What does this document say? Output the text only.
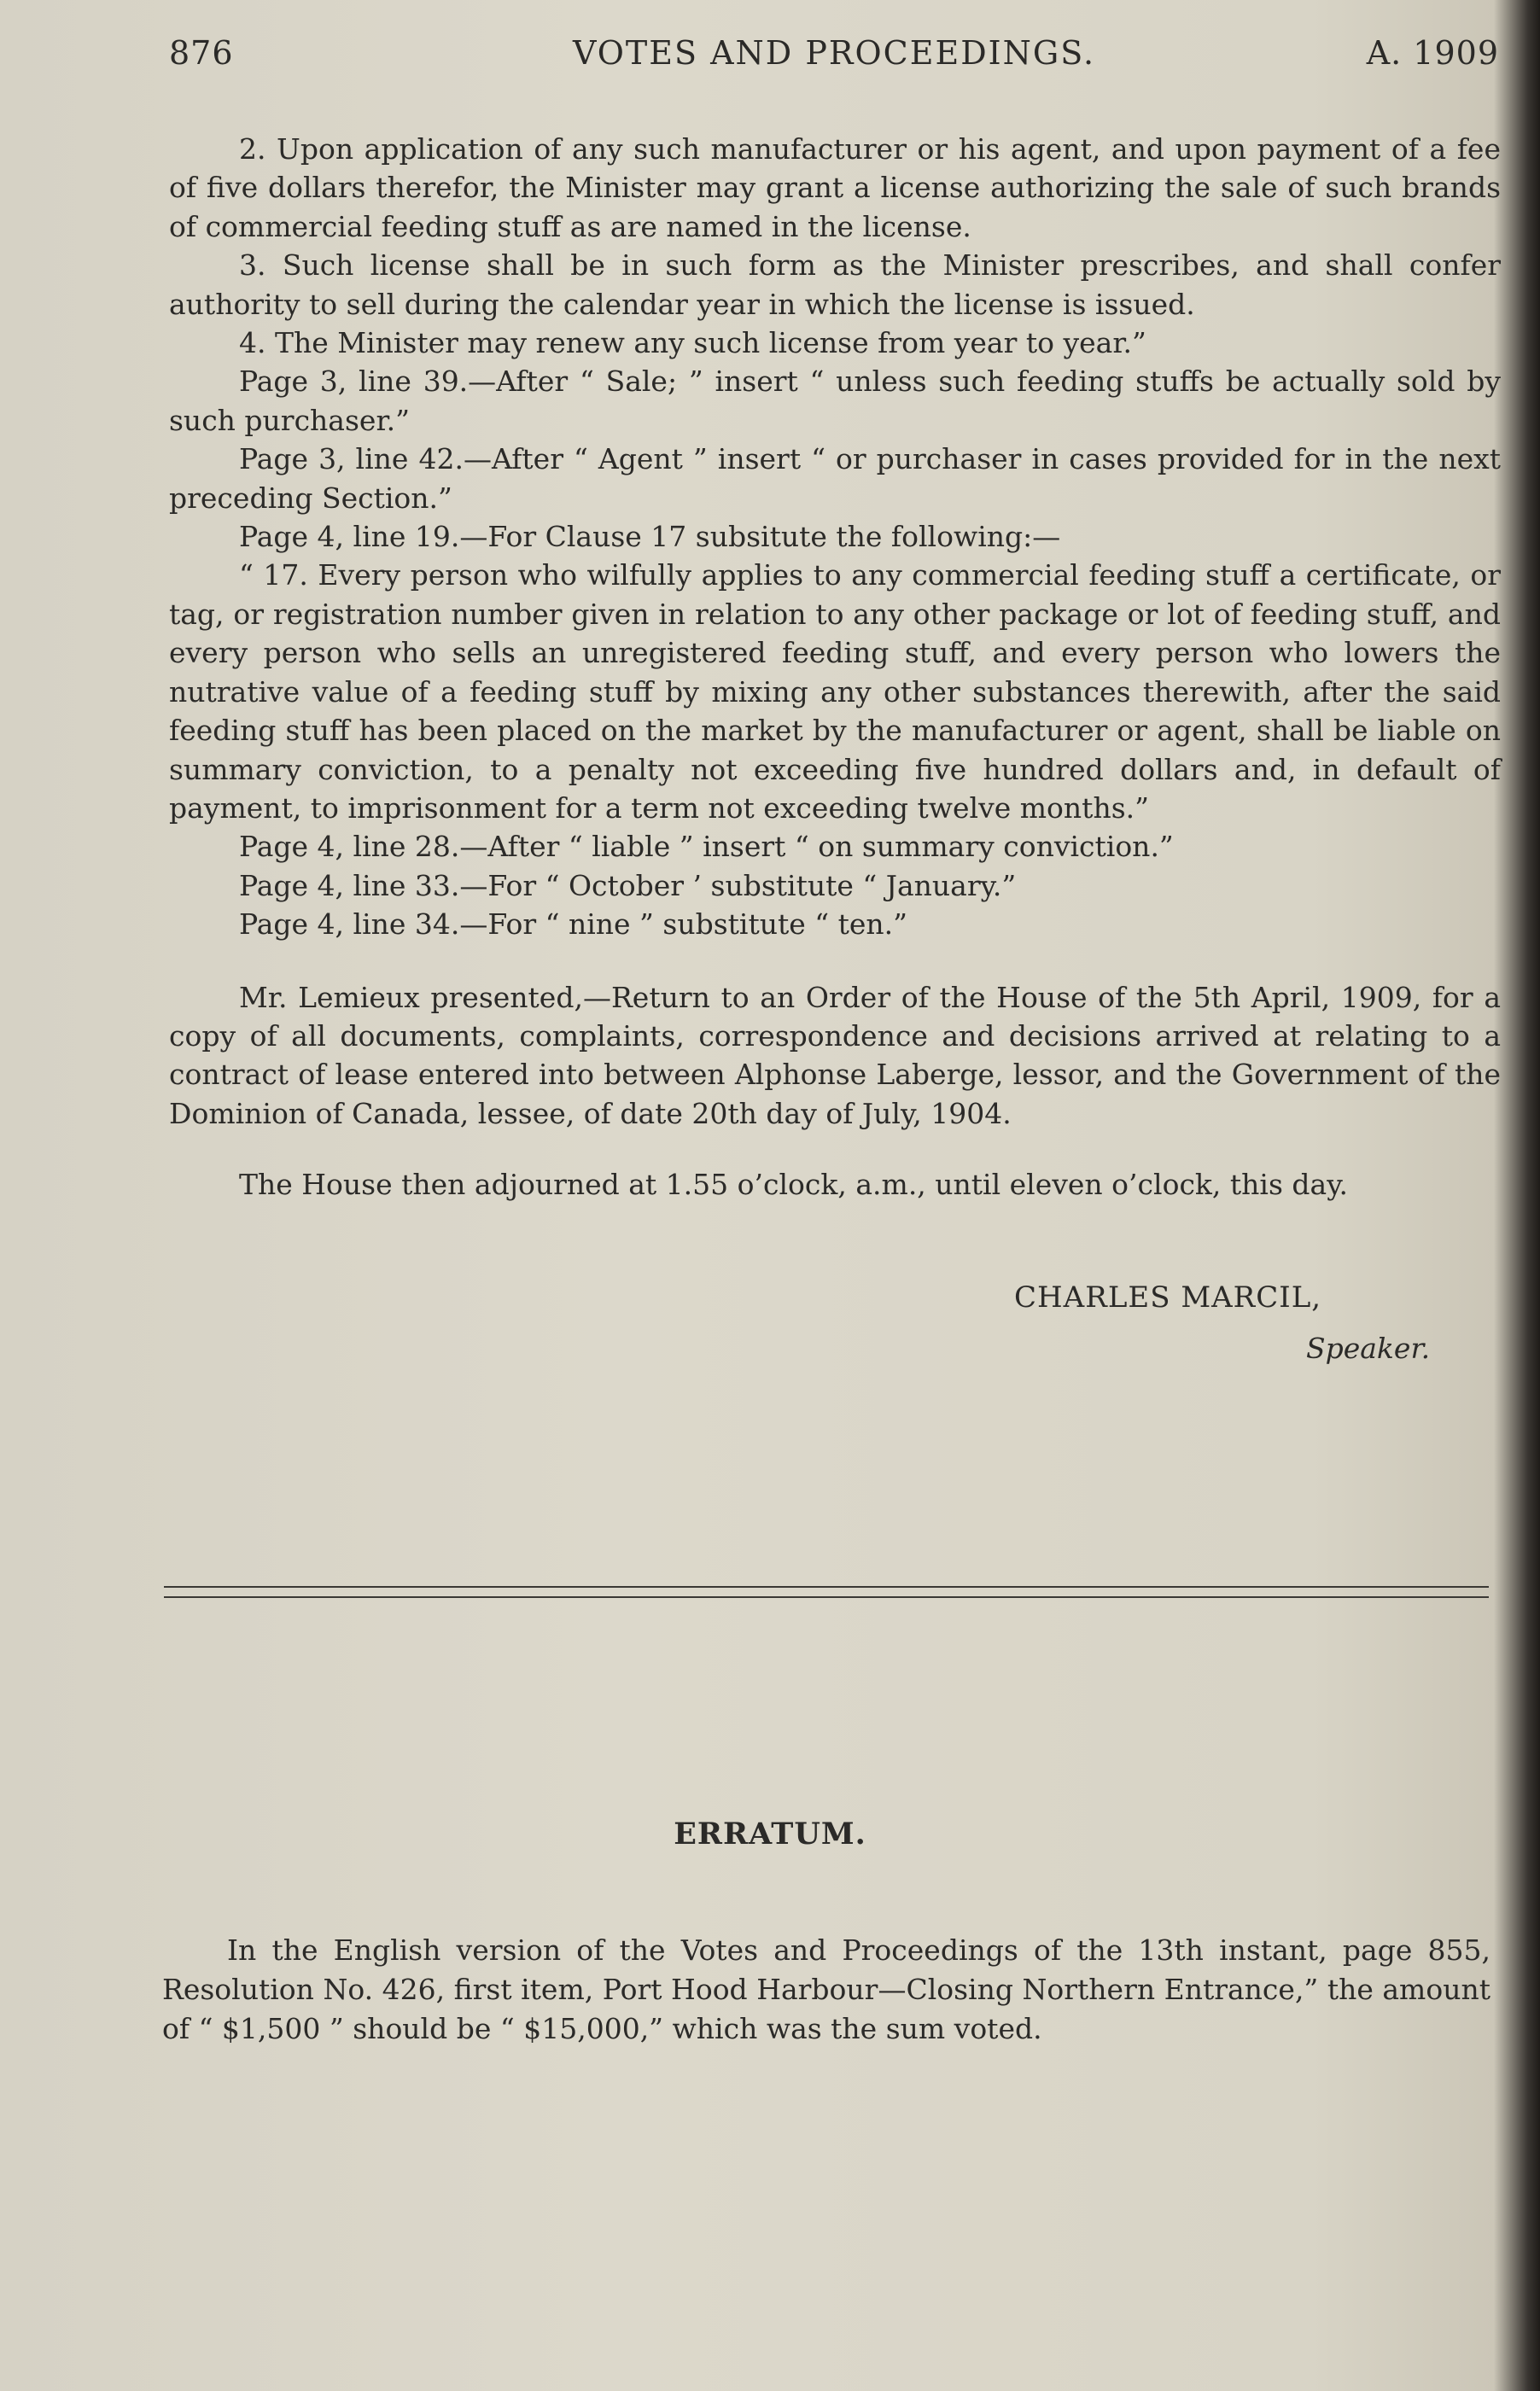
876	VOTES AND PROCEEDINGS.	A. 1909

2. Upon application of any such manufacturer or his agent, and upon payment of a fee of five dollars therefor, the Minister may grant a license authorizing the sale of such brands of commercial feeding stuff as are named in the license.

3. Such license shall be in such form as the Minister prescribes, and shall confer authority to sell during the calendar year in which the license is issued.

4. The Minister may renew any such license from year to year.”

Page 3, line 39.—After “ Sale; ” insert “ unless such feeding stuffs be actually sold by such purchaser.”

Page 3, line 42.—After “ Agent ” insert “ or purchaser in cases provided for in the next preceding Section.”

Page 4, line 19.—For Clause 17 subsitute the following:—

“ 17. Every person who wilfully applies to any commercial feeding stuff a certificate, or tag, or registration number given in relation to any other package or lot of feeding stuff, and every person who sells an unregistered feeding stuff, and every person who lowers the nutrative value of a feeding stuff by mixing any other substances therewith, after the said feeding stuff has been placed on the market by the manufacturer or agent, shall be liable on summary conviction, to a penalty not exceeding five hundred dollars and, in default of payment, to imprisonment for a term not exceeding twelve months.”

Page 4, line 28.—After “ liable ” insert “ on summary conviction.”

Page 4, line 33.—For “ October ’ substitute “ January.”

Page 4, line 34.—For “ nine ” substitute “ ten.”

Mr. Lemieux presented,—Return to an Order of the House of the 5th April, 1909, for a copy of all documents, complaints, correspondence and decisions arrived at relating to a contract of lease entered into between Alphonse Laberge, lessor, and the Government of the Dominion of Canada, lessee, of date 20th day of July, 1904.

The House then adjourned at 1.55 o’clock, a.m., until eleven o’clock, this day.

CHARLES MARCIL,
Speaker.
ERRATUM.

In the English version of the Votes and Proceedings of the 13th instant, page 855, Resolution No. 426, first item, Port Hood Harbour—Closing Northern Entrance,” the amount of “ $1,500 ” should be “ $15,000,” which was the sum voted.
